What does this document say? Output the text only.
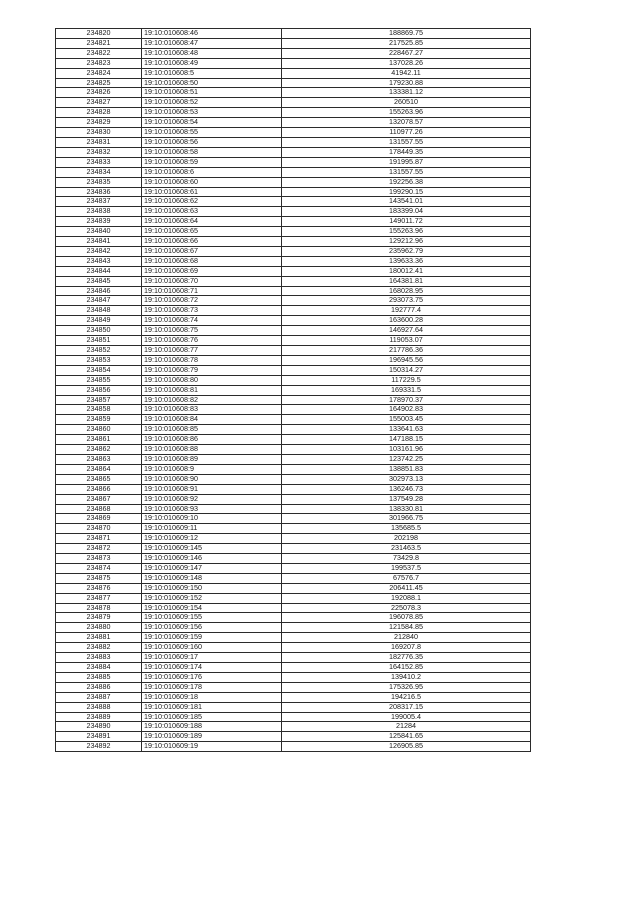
234820	19:10:010608:46	188869.75
234821	19:10:010608:47	217525.85
234822	19:10:010608:48	228467.27
234823	19:10:010608:49	137028.26
234824	19:10:010608:5	41942.11
234825	19:10:010608:50	179230.88
234826	19:10:010608:51	133381.12
234827	19:10:010608:52	260510
234828	19:10:010608:53	155263.96
234829	19:10:010608:54	132078.57
234830	19:10:010608:55	110977.26
234831	19:10:010608:56	131557.55
234832	19:10:010608:58	178449.35
234833	19:10:010608:59	191995.87
234834	19:10:010608:6	131557.55
234835	19:10:010608:60	192256.38
234836	19:10:010608:61	199290.15
234837	19:10:010608:62	143541.01
234838	19:10:010608:63	183399.04
234839	19:10:010608:64	149011.72
234840	19:10:010608:65	155263.96
234841	19:10:010608:66	129212.96
234842	19:10:010608:67	235962.79
234843	19:10:010608:68	139633.36
234844	19:10:010608:69	180012.41
234845	19:10:010608:70	164381.81
234846	19:10:010608:71	168028.95
234847	19:10:010608:72	293073.75
234848	19:10:010608:73	192777.4
234849	19:10:010608:74	163600.28
234850	19:10:010608:75	146927.64
234851	19:10:010608:76	119053.07
234852	19:10:010608:77	217786.36
234853	19:10:010608:78	196945.56
234854	19:10:010608:79	150314.27
234855	19:10:010608:80	117229.5
234856	19:10:010608:81	169331.5
234857	19:10:010608:82	178970.37
234858	19:10:010608:83	164902.83
234859	19:10:010608:84	155003.45
234860	19:10:010608:85	133641.63
234861	19:10:010608:86	147188.15
234862	19:10:010608:88	103161.96
234863	19:10:010608:89	123742.25
234864	19:10:010608:9	138851.83
234865	19:10:010608:90	302973.13
234866	19:10:010608:91	136246.73
234867	19:10:010608:92	137549.28
234868	19:10:010608:93	138330.81
234869	19:10:010609:10	301966.75
234870	19:10:010609:11	135685.5
234871	19:10:010609:12	202198
234872	19:10:010609:145	231463.5
234873	19:10:010609:146	73429.8
234874	19:10:010609:147	199537.5
234875	19:10:010609:148	67576.7
234876	19:10:010609:150	206411.45
234877	19:10:010609:152	192088.1
234878	19:10:010609:154	225078.3
234879	19:10:010609:155	196078.85
234880	19:10:010609:156	121584.85
234881	19:10:010609:159	212840
234882	19:10:010609:160	169207.8
234883	19:10:010609:17	182776.35
234884	19:10:010609:174	164152.85
234885	19:10:010609:176	139410.2
234886	19:10:010609:178	175326.95
234887	19:10:010609:18	194216.5
234888	19:10:010609:181	208317.15
234889	19:10:010609:185	199005.4
234890	19:10:010609:188	21284
234891	19:10:010609:189	125841.65
234892	19:10:010609:19	126905.85
